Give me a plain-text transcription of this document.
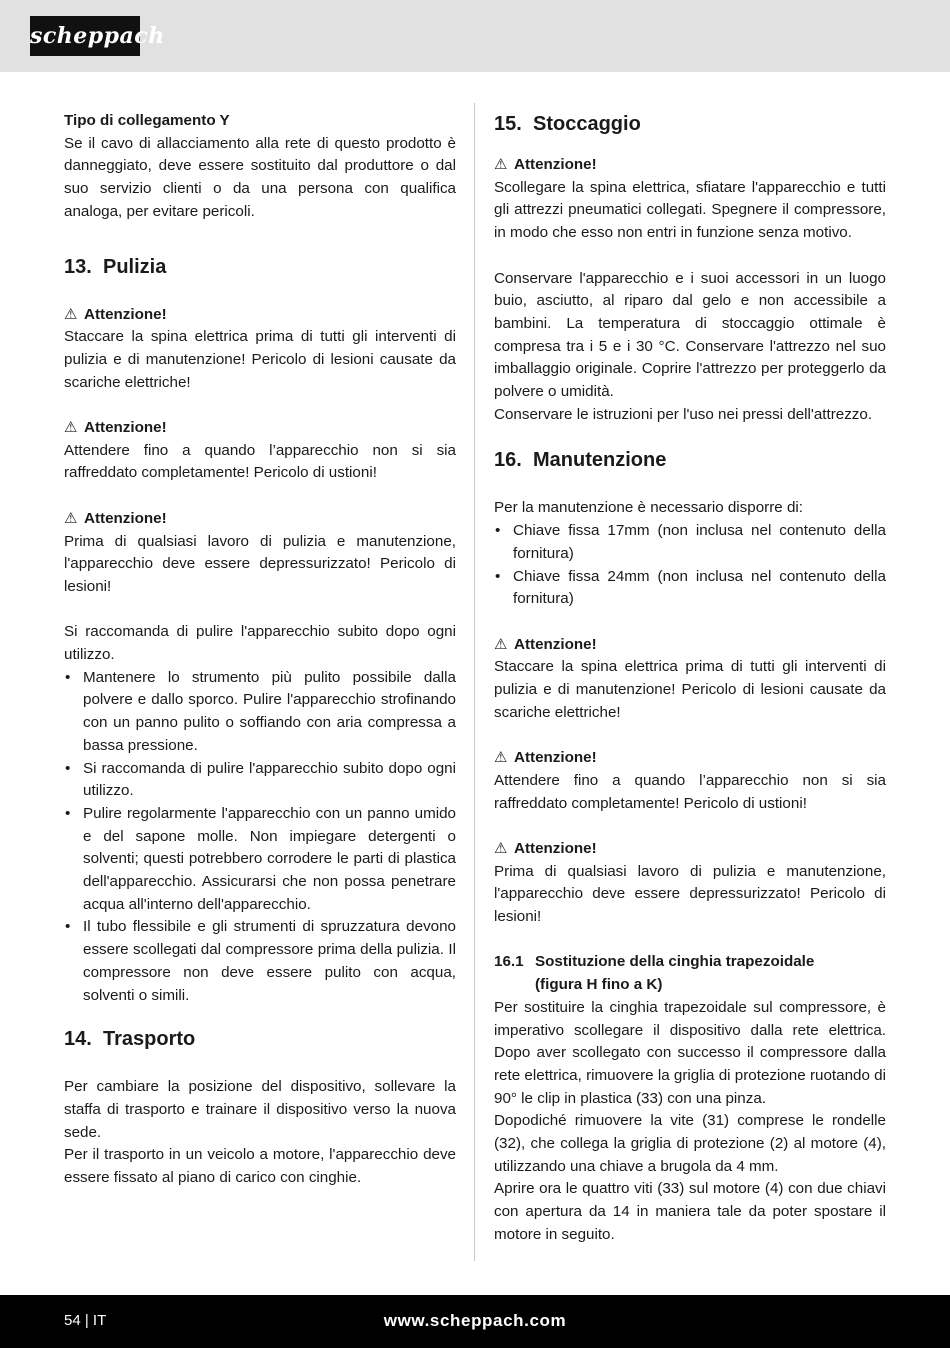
scheppach

Tipo di collegamento Y

Se il cavo di allacciamento alla rete di questo prodotto è danneggiato, deve essere sostituito dal produttore o dal suo servizio clienti o da una persona con qualifica analoga, per evitare pericoli.

13. Pulizia

⚠ Attenzione!

Staccare la spina elettrica prima di tutti gli interventi di pulizia e di manutenzione! Pericolo di lesioni causate da scariche elettriche!

⚠ Attenzione!

Attendere fino a quando l’apparecchio non si sia raffreddato completamente! Pericolo di ustioni!

⚠ Attenzione!

Prima di qualsiasi lavoro di pulizia e manutenzione, l'apparecchio deve essere depressurizzato! Pericolo di lesioni!

Si raccomanda di pulire l'apparecchio subito dopo ogni utilizzo.

• Mantenere lo strumento più pulito possibile dalla polvere e dallo sporco. Pulire l'apparecchio strofinando con un panno pulito o soffiando con aria compressa a bassa pressione.
• Si raccomanda di pulire l'apparecchio subito dopo ogni utilizzo.
• Pulire regolarmente l'apparecchio con un panno umido e del sapone molle. Non impiegare detergenti o solventi; questi potrebbero corrodere le parti di plastica dell'apparecchio. Assicurarsi che non possa penetrare acqua all'interno dell'apparecchio.
• Il tubo flessibile e gli strumenti di spruzzatura devono essere scollegati dal compressore prima della pulizia. Il compressore non deve essere pulito con acqua, solventi o simili.
14. Trasporto

Per cambiare la posizione del dispositivo, sollevare la staffa di trasporto e trainare il dispositivo verso la nuova sede.

Per il trasporto in un veicolo a motore, l'apparecchio deve essere fissato al piano di carico con cinghie.

15. Stoccaggio

⚠ Attenzione!

Scollegare la spina elettrica, sfiatare l'apparecchio e tutti gli attrezzi pneumatici collegati. Spegnere il compressore, in modo che esso non entri in funzione senza motivo.

Conservare l'apparecchio e i suoi accessori in un luogo buio, asciutto, al riparo dal gelo e non accessibile a bambini. La temperatura di stoccaggio ottimale è compresa tra i 5 e i 30 °C. Conservare l'attrezzo nel suo imballaggio originale. Coprire l'attrezzo per proteggerlo da polvere o umidità.

Conservare le istruzioni per l'uso nei pressi dell'attrezzo.

16. Manutenzione

Per la manutenzione è necessario disporre di:

• Chiave fissa 17mm (non inclusa nel contenuto della fornitura)
• Chiave fissa 24mm (non inclusa nel contenuto della fornitura)

⚠ Attenzione!

Staccare la spina elettrica prima di tutti gli interventi di pulizia e di manutenzione! Pericolo di lesioni causate da scariche elettriche!

⚠ Attenzione!

Attendere fino a quando l’apparecchio non si sia raffreddato completamente! Pericolo di ustioni!

⚠ Attenzione!

Prima di qualsiasi lavoro di pulizia e manutenzione, l'apparecchio deve essere depressurizzato! Pericolo di lesioni!

16.1 Sostituzione della cinghia trapezoidale
(figura H fino a K)

Per sostituire la cinghia trapezoidale sul compressore, è imperativo scollegare il dispositivo dalla rete elettrica. Dopo aver scollegato con successo il compressore dalla rete elettrica, rimuovere la griglia di protezione ruotando di 90° le clip in plastica (33) con una pinza.

Dopodiché rimuovere la vite (31) comprese le rondelle (32), che collega la griglia di protezione (2) al motore (4), utilizzando una chiave a brugola da 4 mm.

Aprire ora le quattro viti (33) sul motore (4) con due chiavi con apertura da 14 in maniera tale da poter spostare il motore in seguito.

54 | IT	www.scheppach.com
